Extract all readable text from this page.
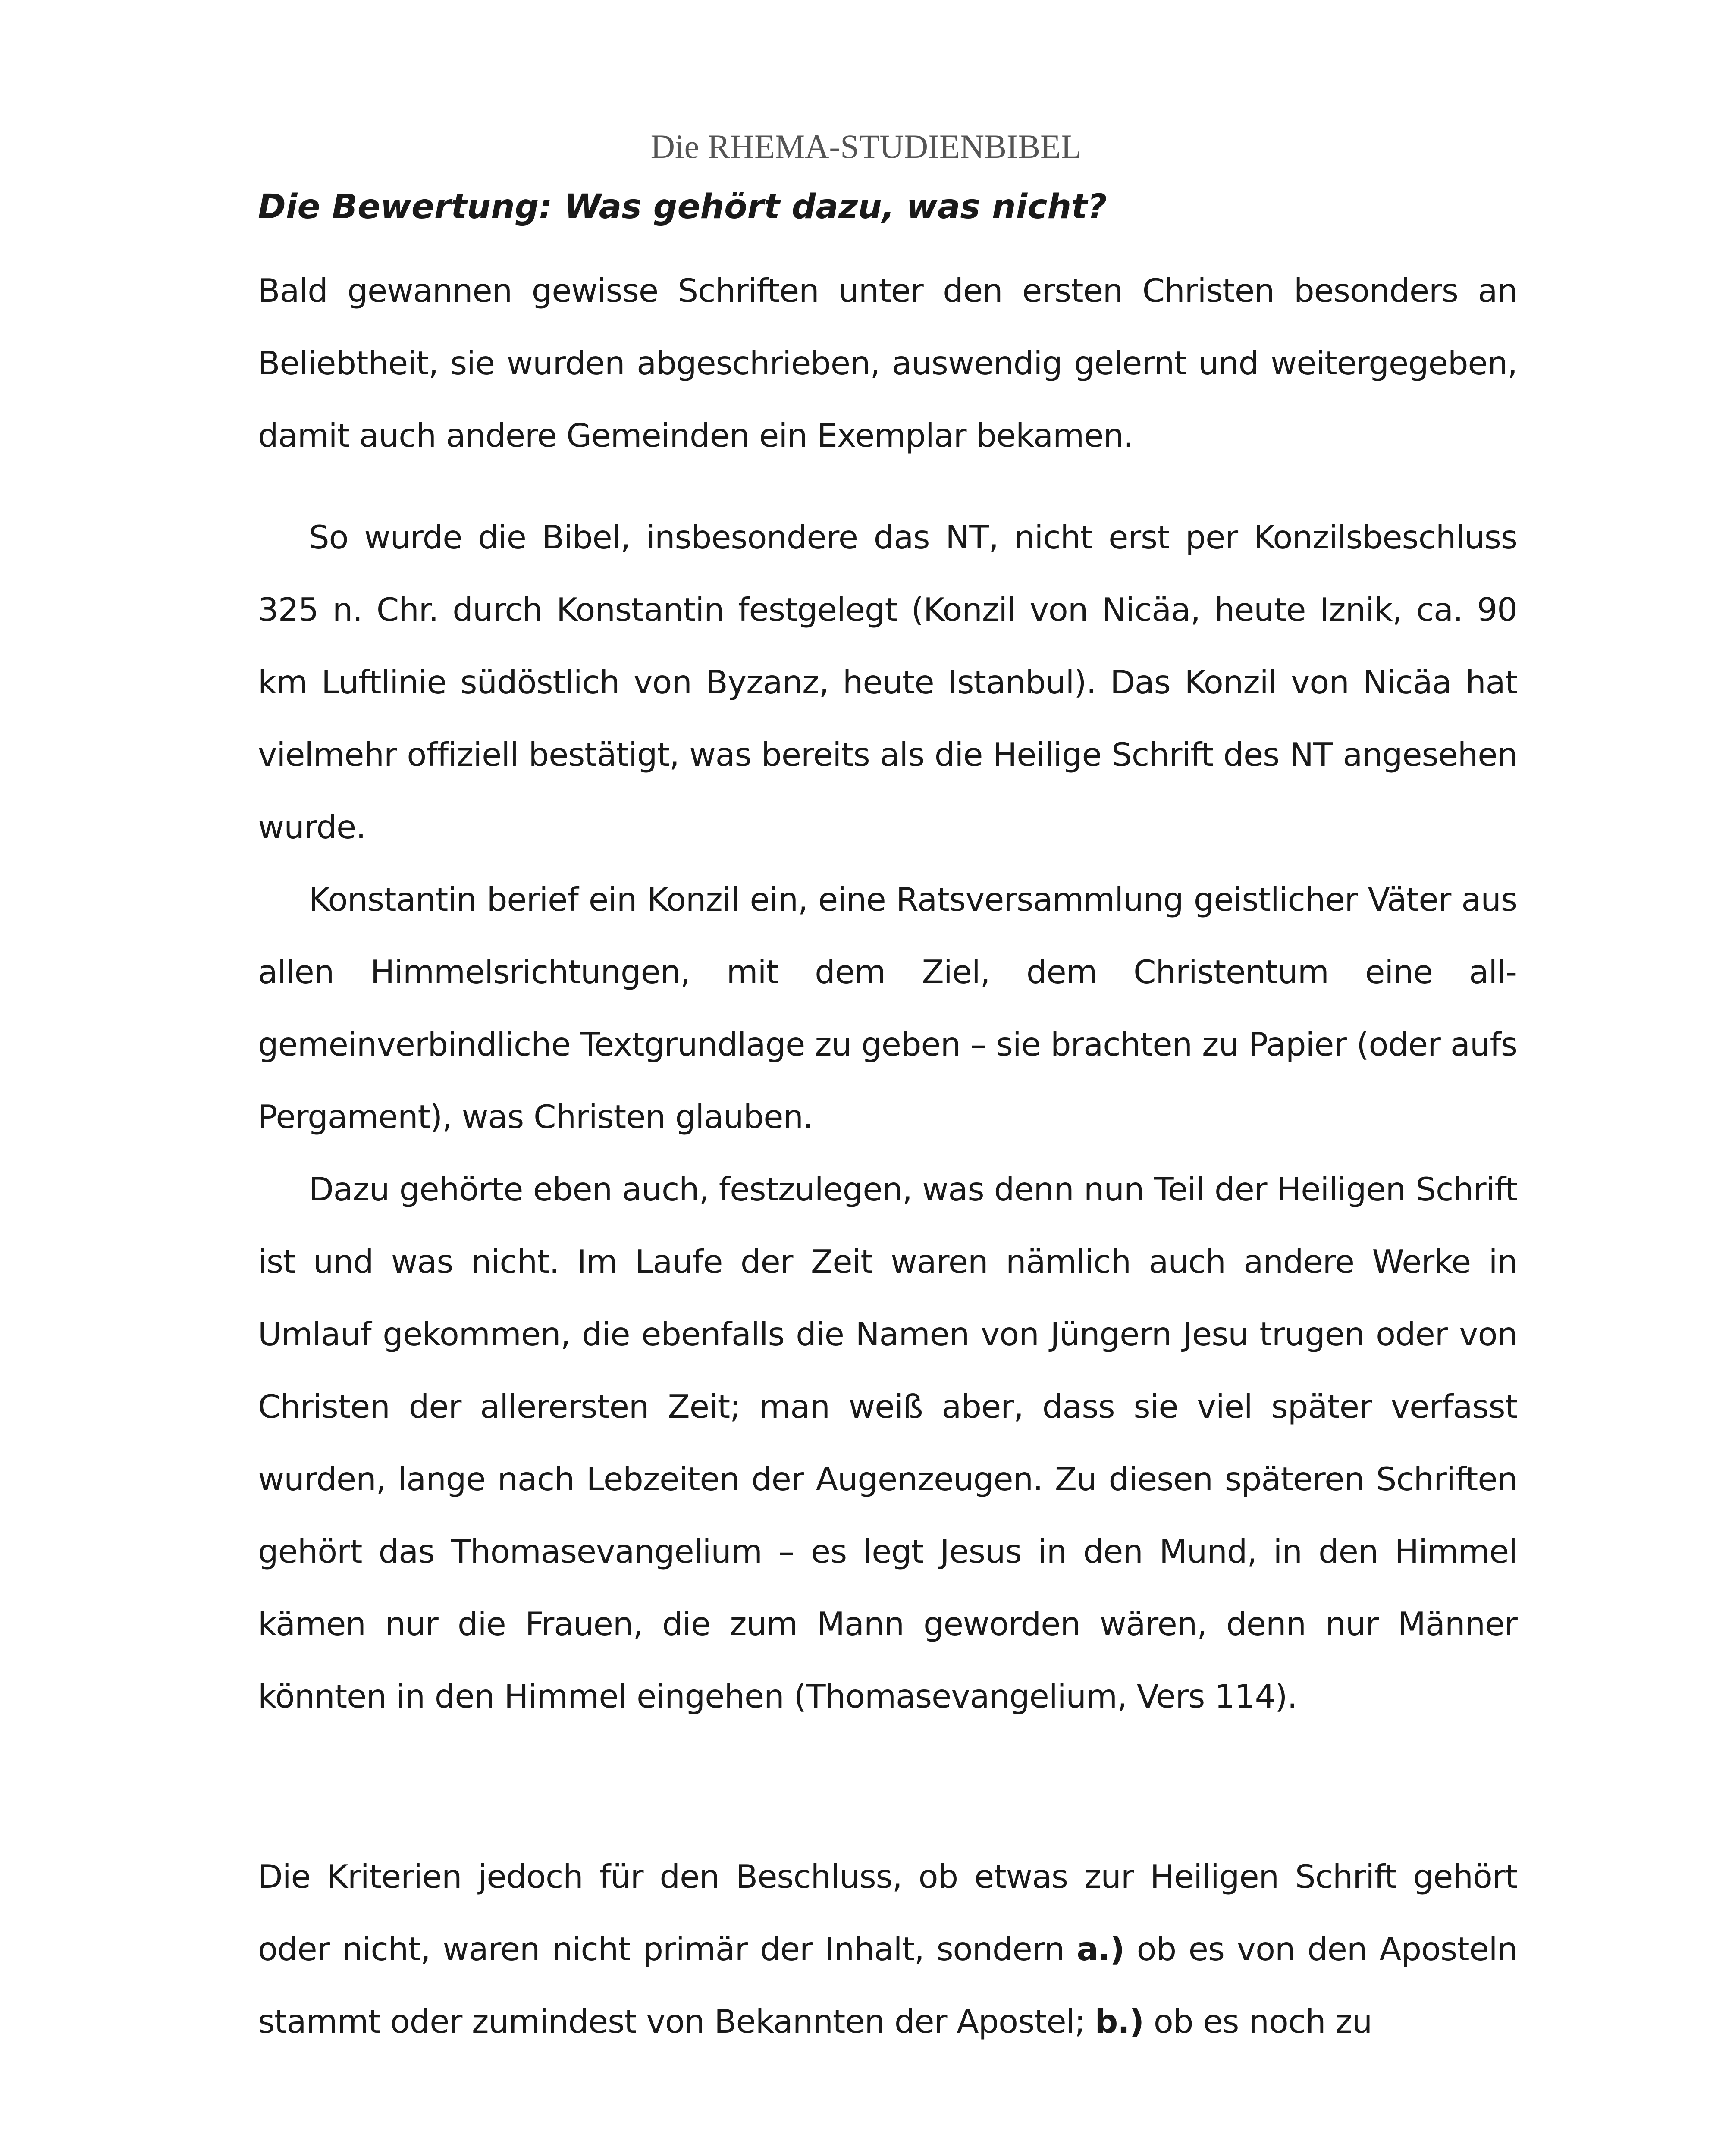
Die RHEMA-STUDIENBIBEL

Die Bewertung: Was gehört dazu, was nicht?

Bald gewannen gewisse Schriften unter den ersten Christen besonders an Beliebtheit, sie wurden abgeschrieben, auswendig gelernt und weitergegeben, damit auch andere Gemeinden ein Exemplar bekamen.

So wurde die Bibel, insbesondere das NT, nicht erst per Konzilsbeschluss 325 n. Chr. durch Konstantin festgelegt (Konzil von Nicäa, heute Iznik, ca. 90 km Luftlinie südöstlich von Byzanz, heute Istanbul). Das Konzil von Nicäa hat vielmehr offiziell bestätigt, was bereits als die Heilige Schrift des NT angesehen wurde.

Konstantin berief ein Konzil ein, eine Ratsversammlung geistlicher Väter aus allen Himmelsrichtungen, mit dem Ziel, dem Christentum eine allgemeinverbindliche Textgrundlage zu geben – sie brachten zu Papier (oder aufs Pergament), was Christen glauben.

Dazu gehörte eben auch, festzulegen, was denn nun Teil der Heiligen Schrift ist und was nicht. Im Laufe der Zeit waren nämlich auch andere Werke in Umlauf gekommen, die ebenfalls die Namen von Jüngern Jesu trugen oder von Christen der allerersten Zeit; man weiß aber, dass sie viel später verfasst wurden, lange nach Lebzeiten der Augenzeugen. Zu diesen späteren Schriften gehört das Thomasevangelium – es legt Jesus in den Mund, in den Himmel kämen nur die Frauen, die zum Mann geworden wären, denn nur Männer könnten in den Himmel eingehen (Thomasevangelium, Vers 114).

Die Kriterien jedoch für den Beschluss, ob etwas zur Heiligen Schrift gehört oder nicht, waren nicht primär der Inhalt, sondern a.) ob es von den Aposteln stammt oder zumindest von Bekannten der Apostel; b.) ob es noch zu
